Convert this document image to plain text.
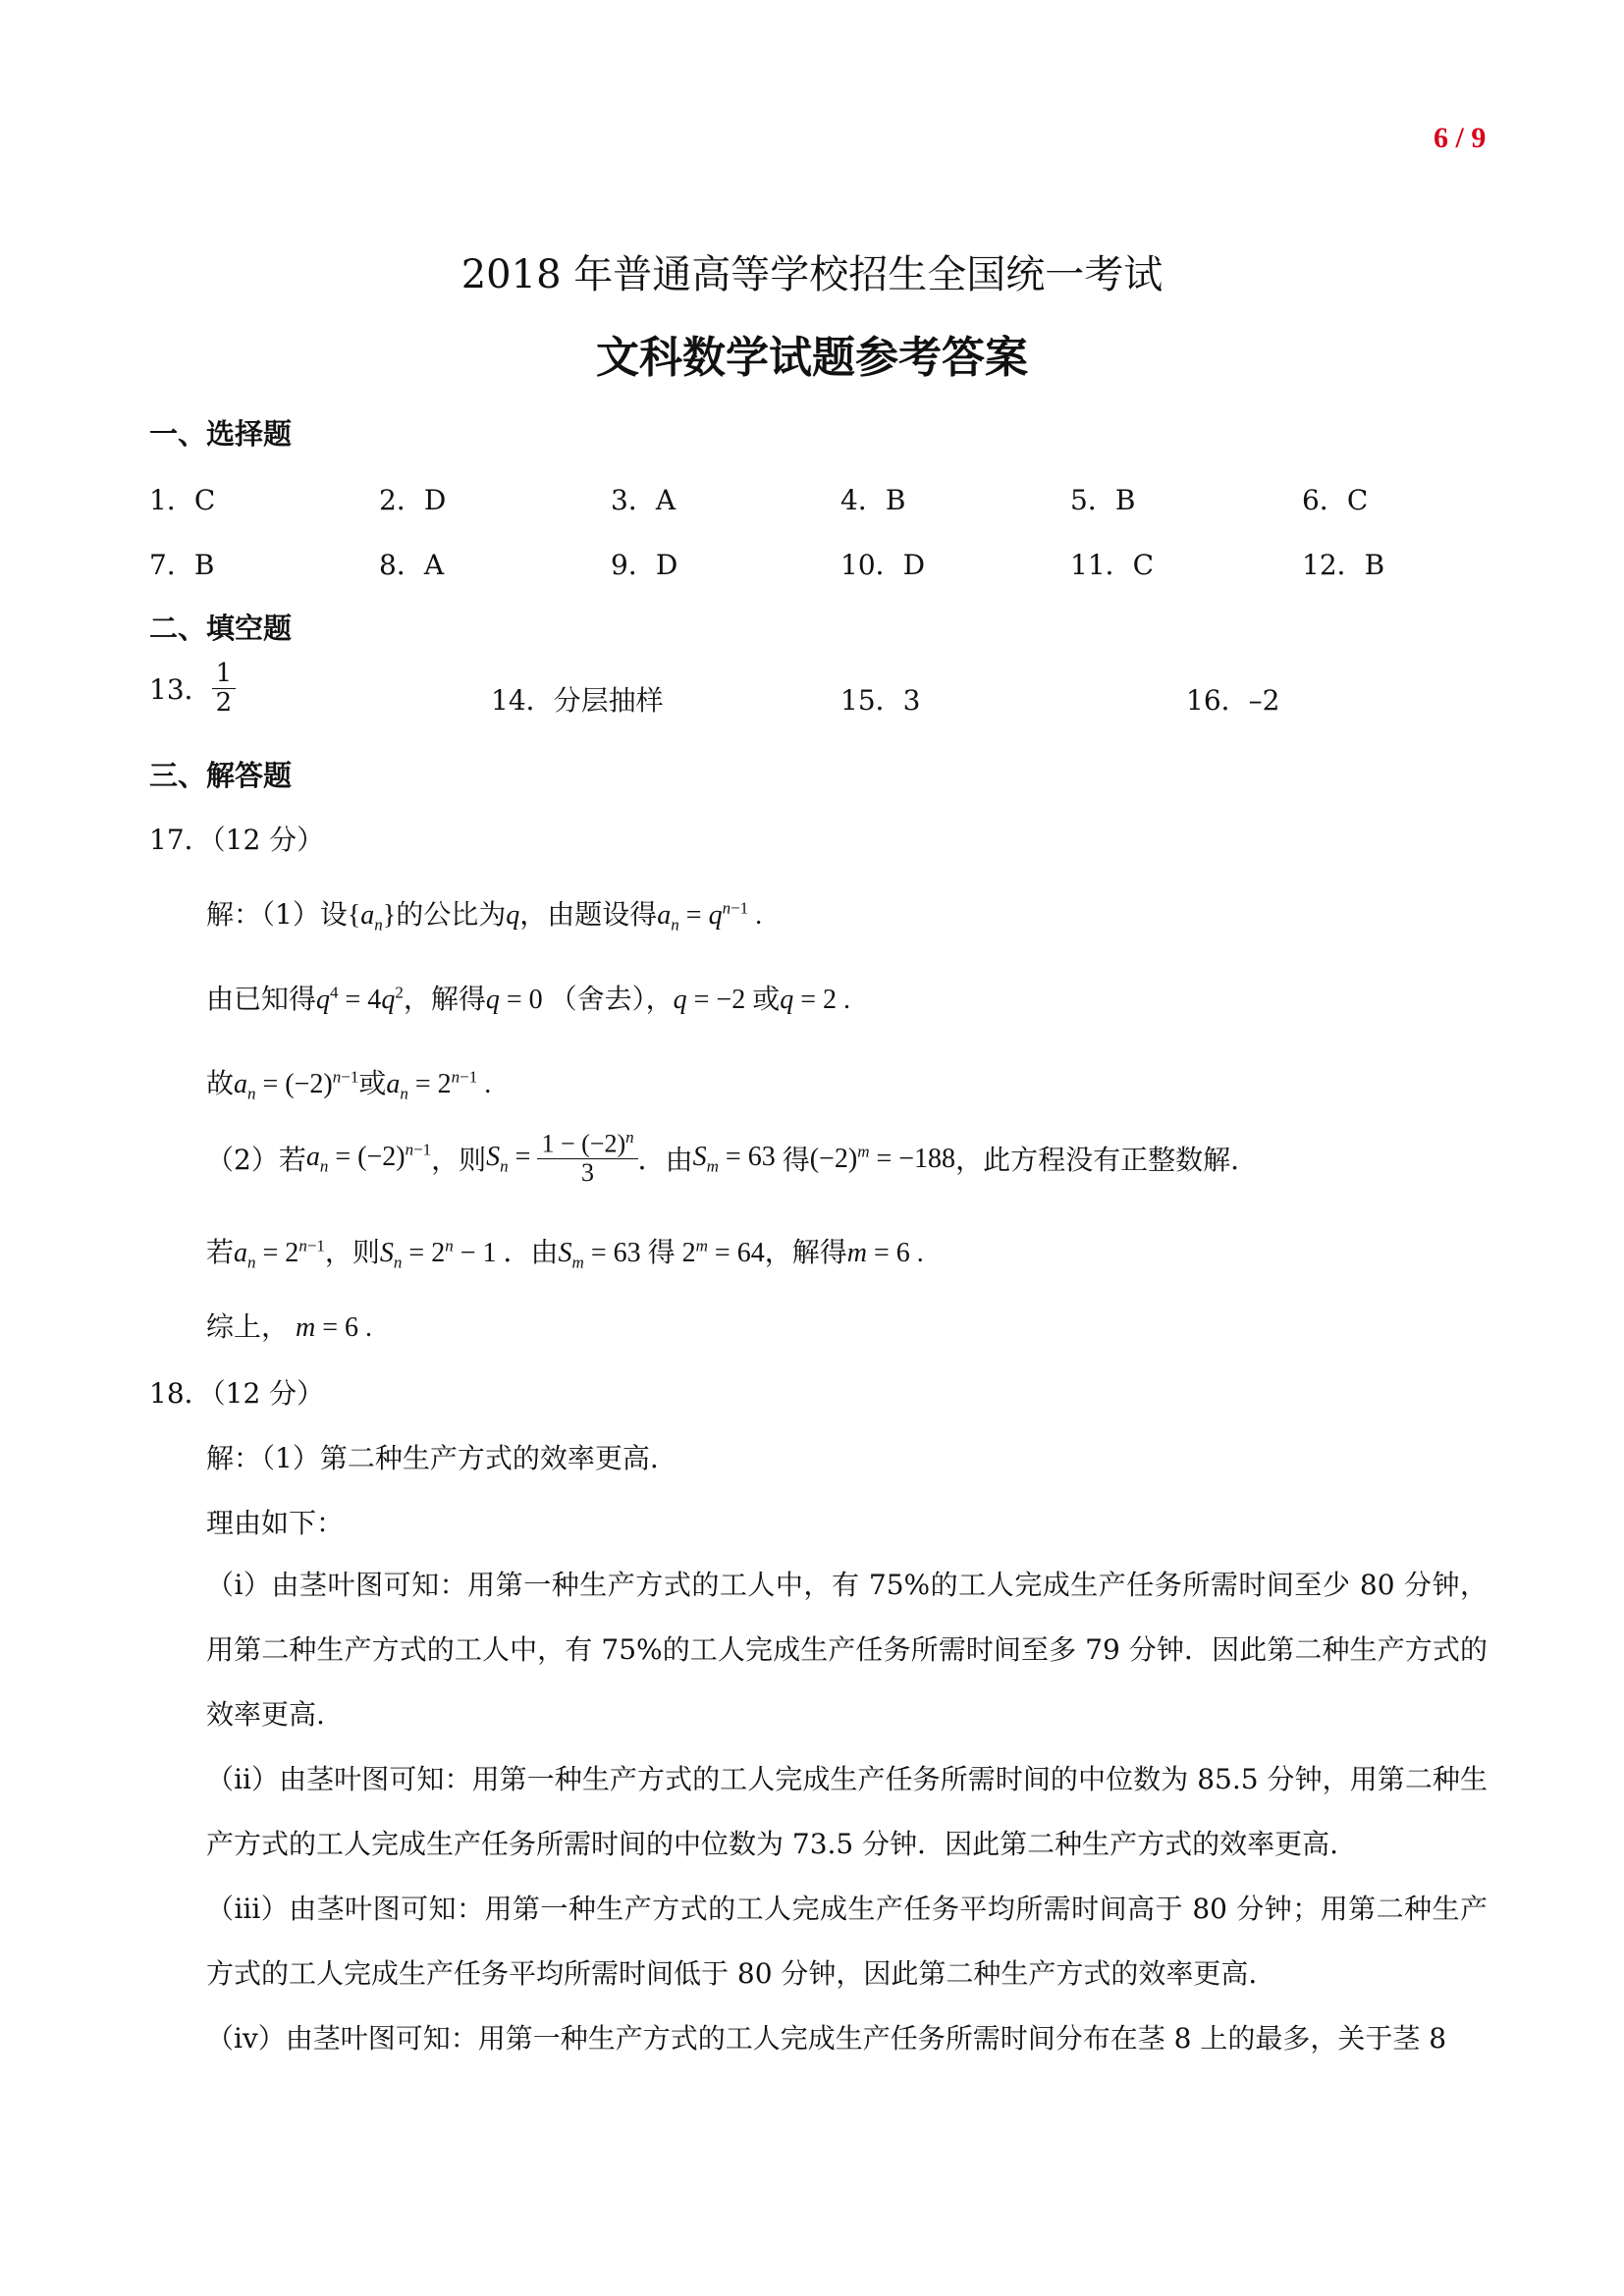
6 / 9
2018 年普通高等学校招生全国统一考试
文科数学试题参考答案
一、选择题
1．C	2．D	3．A	4．B	5．B	6．C
7．B	8．A	9．D	10．D	11．C	12．B
二、填空题
13． $\frac{1}{2}$	14．分层抽样	15．3	16．–2
三、解答题
17．（12 分）
解：（1）设$\{a_n\}$的公比为q，由题设得$a_n = q^{n-1}$ .
由已知得$q^4 = 4q^2$，解得q = 0 （舍去），q = −2 或q = 2 .
故$a_n = (-2)^{n-1}$或$a_n = 2^{n-1}$ .
（2）若$a_n = (-2)^{n-1}$，则$S_n = \frac{1 - (-2)^n}{3}$ ．由$S_m = 63$ 得$(-2)^m = -188$，此方程没有正整数解.
若$a_n = 2^{n-1}$，则$S_n = 2^n - 1$ ．由$S_m = 63$ 得 $2^m = 64$，解得m = 6 .
综上， m = 6 .
18．（12 分）
解：（1）第二种生产方式的效率更高.
理由如下：
（i）由茎叶图可知：用第一种生产方式的工人中，有 75%的工人完成生产任务所需时间至少 80 分钟，用第二种生产方式的工人中，有 75%的工人完成生产任务所需时间至多 79 分钟．因此第二种生产方式的效率更高.
（ii）由茎叶图可知：用第一种生产方式的工人完成生产任务所需时间的中位数为 85.5 分钟，用第二种生产方式的工人完成生产任务所需时间的中位数为 73.5 分钟．因此第二种生产方式的效率更高.
（iii）由茎叶图可知：用第一种生产方式的工人完成生产任务平均所需时间高于 80 分钟；用第二种生产方式的工人完成生产任务平均所需时间低于 80 分钟，因此第二种生产方式的效率更高.
（iv）由茎叶图可知：用第一种生产方式的工人完成生产任务所需时间分布在茎 8 上的最多，关于茎 8
